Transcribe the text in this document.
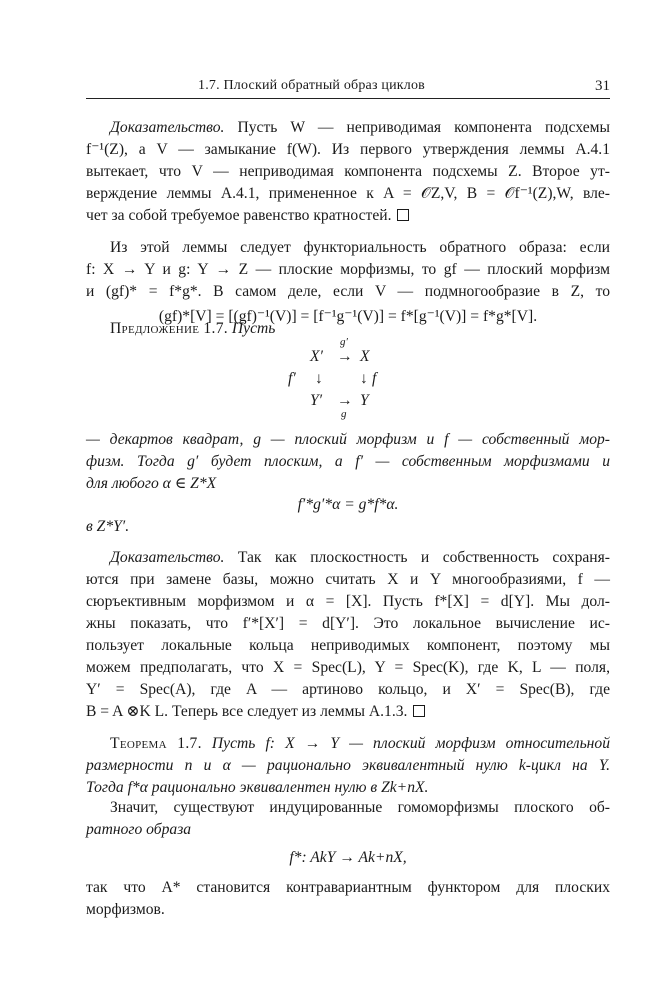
1.7. Плоский обратный образ циклов	31
Доказательство. Пусть W — неприводимая компонента подсхемы
f⁻¹(Z), а V — замыкание f(W). Из первого утверждения леммы А.4.1
вытекает, что V — неприводимая компонента подсхемы Z. Второе ут-
верждение леммы А.4.1, примененное к A = 𝒪Z,V, B = 𝒪f⁻¹(Z),W, вле-
чет за собой требуемое равенство кратностей.
Из этой леммы следует функториальность обратного образа: если
f: X → Y и g: Y → Z — плоские морфизмы, то gf — плоский морфизм
и (gf)* = f*g*. В самом деле, если V — подмногообразие в Z, то
(gf)*[V] = [(gf)⁻¹(V)] = [f⁻¹g⁻¹(V)] = f*[g⁻¹(V)] = f*g*[V].
Предложение 1.7. Пусть
X′
g′
→ X
f′ ↓ ↓ f
Y′ →
g
Y
— декартов квадрат, g — плоский морфизм и f — собственный мор-
физм. Тогда g′ будет плоским, а f′ — собственным морфизмами и
для любого α ∈ Z*X
f′*g′*α = g*f*α.
в Z*Y′.
Доказательство. Так как плоскостность и собственность сохраня-
ются при замене базы, можно считать X и Y многообразиями, f —
сюръективным морфизмом и α = [X]. Пусть f*[X] = d[Y]. Мы дол-
жны показать, что f′*[X′] = d[Y′]. Это локальное вычисление ис-
пользует локальные кольца неприводимых компонент, поэтому мы
можем предполагать, что X = Spec(L), Y = Spec(K), где K, L — поля,
Y′ = Spec(A), где A — артиново кольцо, и X′ = Spec(B), где
B = A ⊗K L. Теперь все следует из леммы А.1.3.
Теорема 1.7. Пусть f: X → Y — плоский морфизм относительной
размерности n и α — рационально эквивалентный нулю k-цикл на Y.
Тогда f*α рационально эквивалентен нулю в Zk+nX.
Значит, существуют индуцированные гомоморфизмы плоского об-
ратного образа
f*: AkY → Ak+nX,
так что A* становится контравариантным функтором для плоских
морфизмов.
